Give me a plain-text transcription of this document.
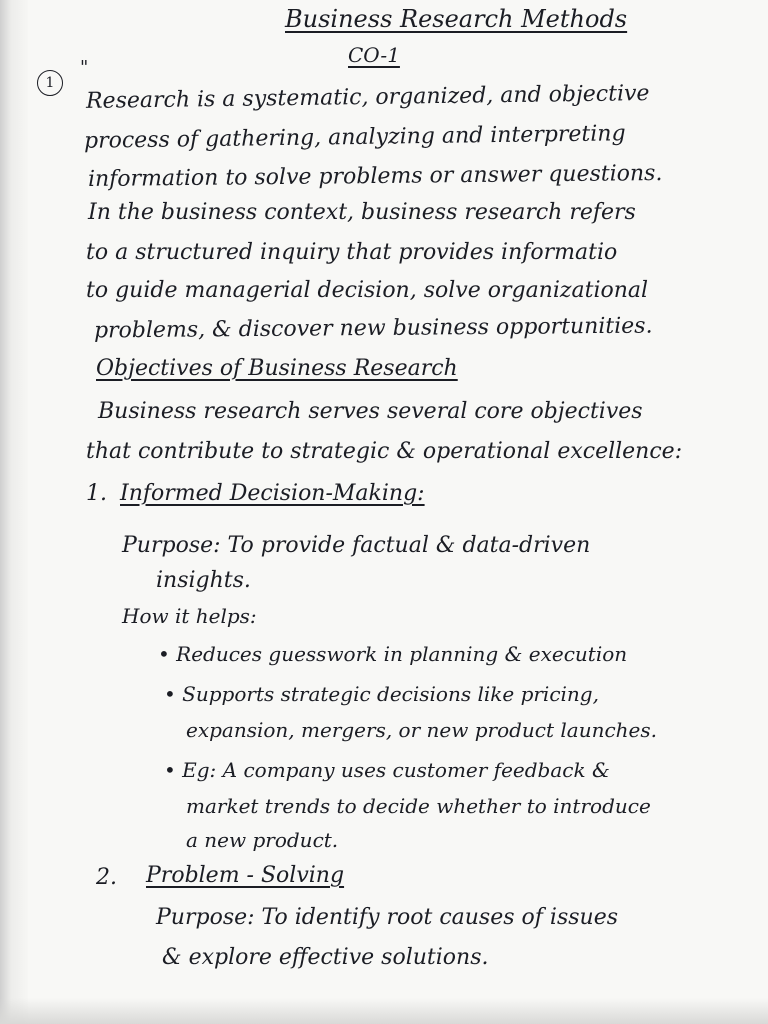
Business Research Methods
CO-1
1
"
Research is a systematic, organized, and objective
process of gathering, analyzing and interpreting
information to solve problems or answer questions.
In the business context, business research refers
to a structured inquiry that provides informatio
to guide managerial decision, solve organizational
problems, & discover new business opportunities.
Objectives of Business Research
Business research serves several core objectives
that contribute to strategic & operational excellence:
1. Informed Decision-Making:
Purpose: To provide factual & data-driven
insights.
How it helps:
• Reduces guesswork in planning & execution
• Supports strategic decisions like pricing,
expansion, mergers, or new product launches.
• Eg: A company uses customer feedback &
market trends to decide whether to introduce
a new product.
2. Problem - Solving
Purpose: To identify root causes of issues
& explore effective solutions.
